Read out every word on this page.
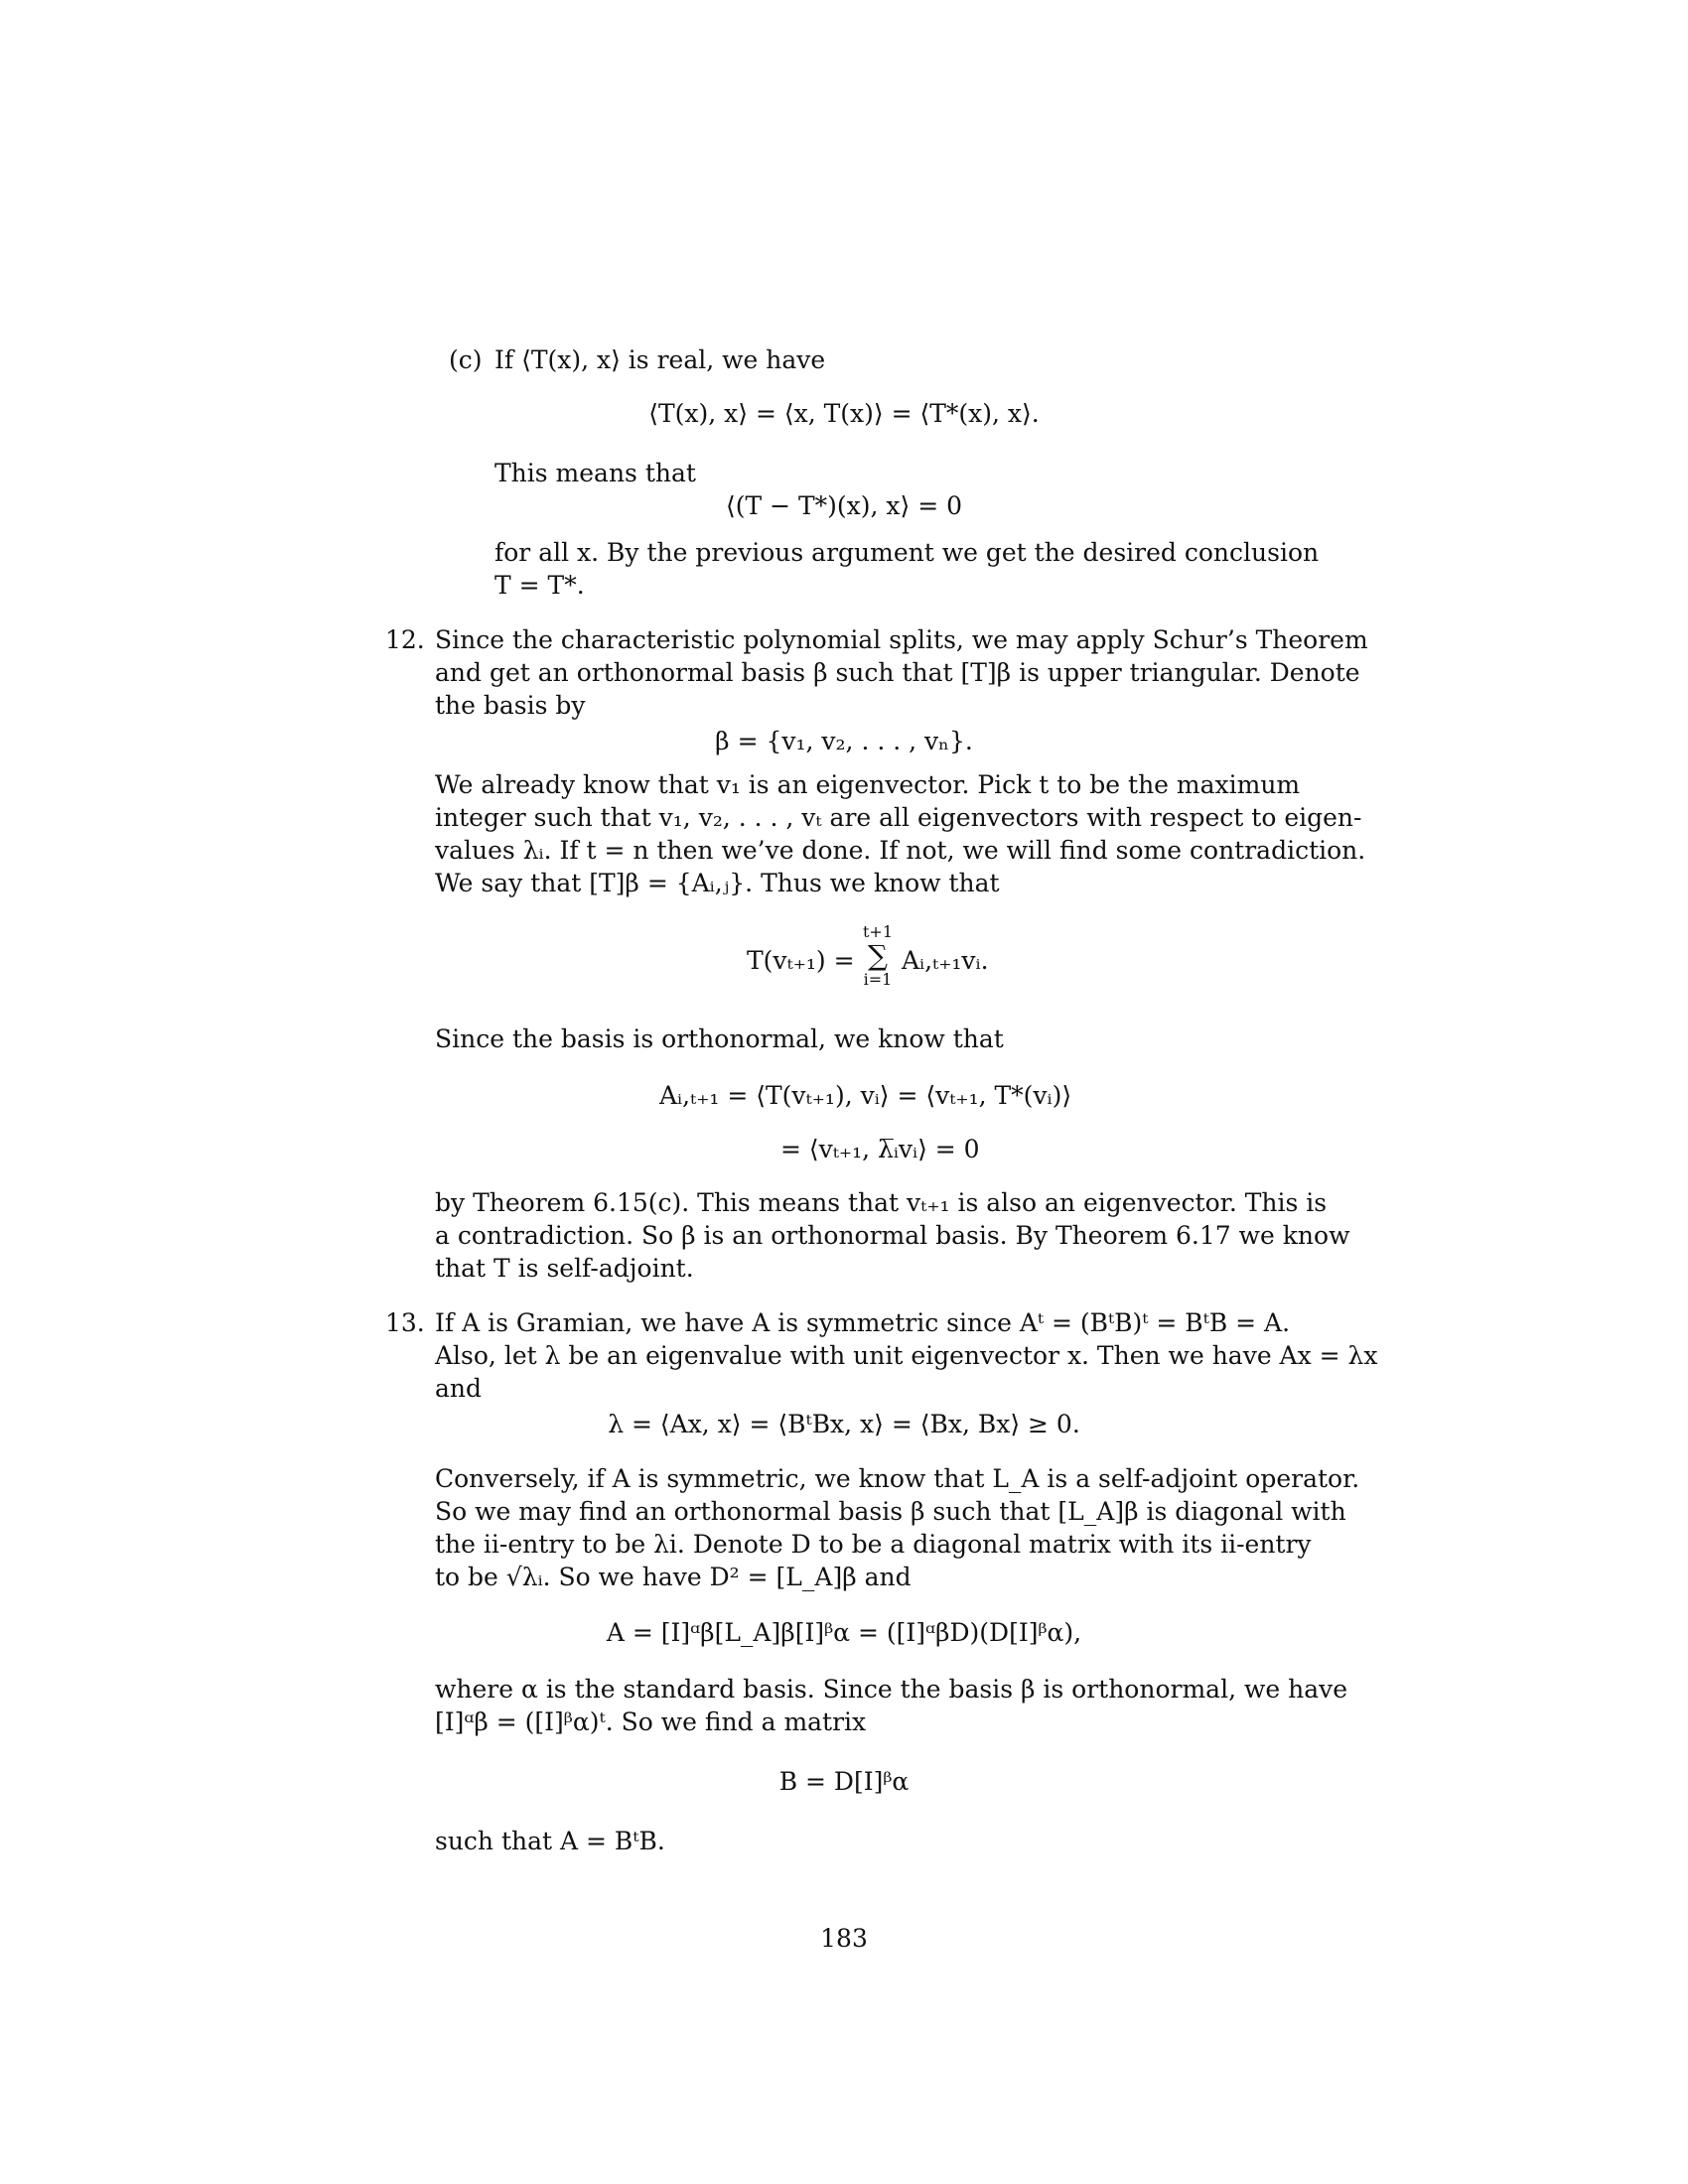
(c) If ⟨T(x), x⟩ is real, we have
⟨T(x), x⟩ = ⟨x, T(x)⟩ = ⟨T*(x), x⟩.
This means that
⟨(T − T*)(x), x⟩ = 0
for all x. By the previous argument we get the desired conclusion
T = T*.
12. Since the characteristic polynomial splits, we may apply Schur’s Theorem
and get an orthonormal basis β such that [T]β is upper triangular. Denote
the basis by
β = {v₁, v₂, . . . , vₙ}.
We already know that v₁ is an eigenvector. Pick t to be the maximum
integer such that v₁, v₂, . . . , vₜ are all eigenvectors with respect to eigen-
values λᵢ. If t = n then we’ve done. If not, we will find some contradiction.
We say that [T]β = {Aᵢ,ⱼ}. Thus we know that
T(vₜ₊₁) =
t+1
∑
i=1
Aᵢ,ₜ₊₁vᵢ.
Since the basis is orthonormal, we know that
Aᵢ,ₜ₊₁ = ⟨T(vₜ₊₁), vᵢ⟩ = ⟨vₜ₊₁, T*(vᵢ)⟩
= ⟨vₜ₊₁, λ̅ᵢvᵢ⟩ = 0
by Theorem 6.15(c). This means that vₜ₊₁ is also an eigenvector. This is
a contradiction. So β is an orthonormal basis. By Theorem 6.17 we know
that T is self-adjoint.
13. If A is Gramian, we have A is symmetric since Aᵗ = (BᵗB)ᵗ = BᵗB = A.
Also, let λ be an eigenvalue with unit eigenvector x. Then we have Ax = λx
and
λ = ⟨Ax, x⟩ = ⟨BᵗBx, x⟩ = ⟨Bx, Bx⟩ ≥ 0.
Conversely, if A is symmetric, we know that L_A is a self-adjoint operator.
So we may find an orthonormal basis β such that [L_A]β is diagonal with
the ii-entry to be λi. Denote D to be a diagonal matrix with its ii-entry
to be √λᵢ. So we have D² = [L_A]β and
A = [I]ᵅβ[L_A]β[I]ᵝα = ([I]ᵅβD)(D[I]ᵝα),
where α is the standard basis. Since the basis β is orthonormal, we have
[I]ᵅβ = ([I]ᵝα)ᵗ. So we find a matrix
B = D[I]ᵝα
such that A = BᵗB.
183
